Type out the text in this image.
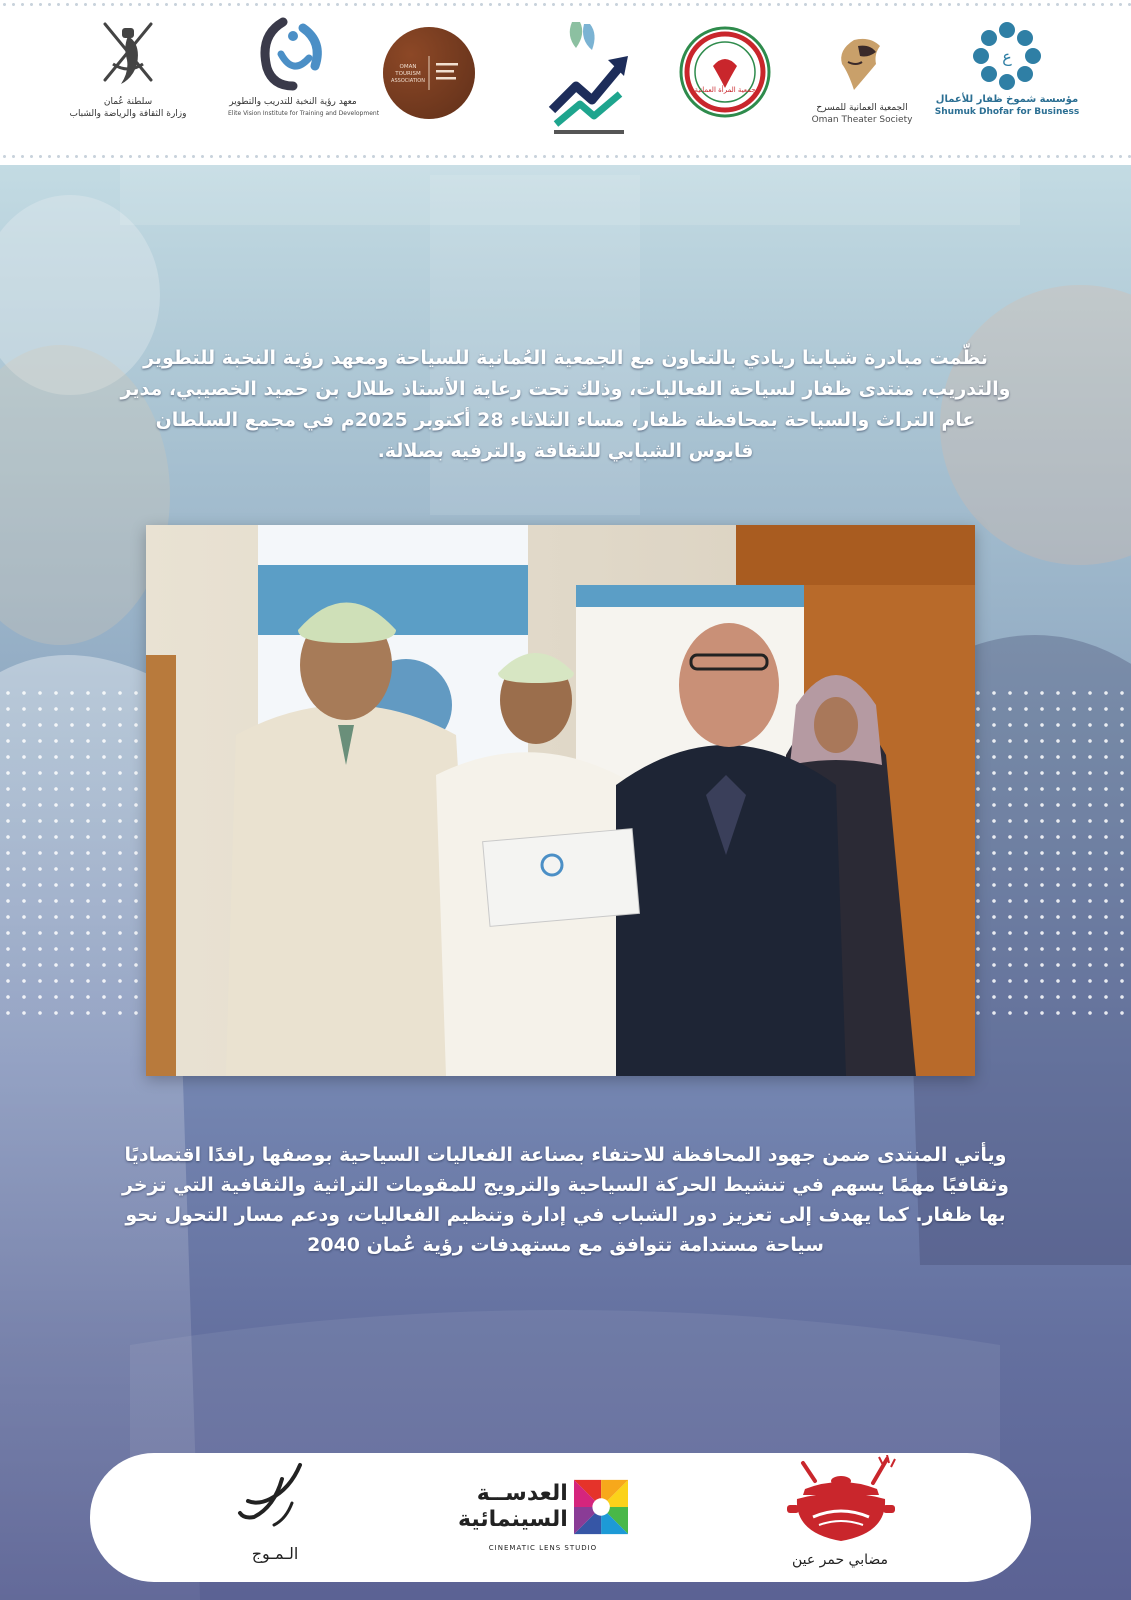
سلطنة عُمان
وزارة الثقافة والرياضة والشباب
معهد رؤية النخبة للتدريب والتطوير
Elite Vision Institute for Training and Development
OMAN
TOURISM
ASSOCIATION
جمعية المرأة العمانية
الجمعية العمانية للمسرح
Oman Theater Society
ع
مؤسسة شموخ ظفار للأعمال
Shumuk Dhofar for Business

نظّمت مبادرة شبابنا ريادي بالتعاون مع الجمعية العُمانية للسياحة ومعهد رؤية النخبة للتطوير والتدريب، منتدى ظفار لسياحة الفعاليات، وذلك تحت رعاية الأستاذ طلال بن حميد الخصيبي، مدير عام التراث والسياحة بمحافظة ظفار، مساء الثلاثاء 28 أكتوبر 2025م في مجمع السلطان قابوس الشبابي للثقافة والترفيه بصلالة.

ويأتي المنتدى ضمن جهود المحافظة للاحتفاء بصناعة الفعاليات السياحية بوصفها رافدًا اقتصاديًا وثقافيًا مهمًا يسهم في تنشيط الحركة السياحية والترويج للمقومات التراثية والثقافية التي تزخر بها ظفار. كما يهدف إلى تعزيز دور الشباب في إدارة وتنظيم الفعاليات، ودعم مسار التحول نحو سياحة مستدامة تتوافق مع مستهدفات رؤية عُمان 2040

الـمـوج
العدســة
السينمائية
CINEMATIC LENS STUDIO
مضابي حمر عين
